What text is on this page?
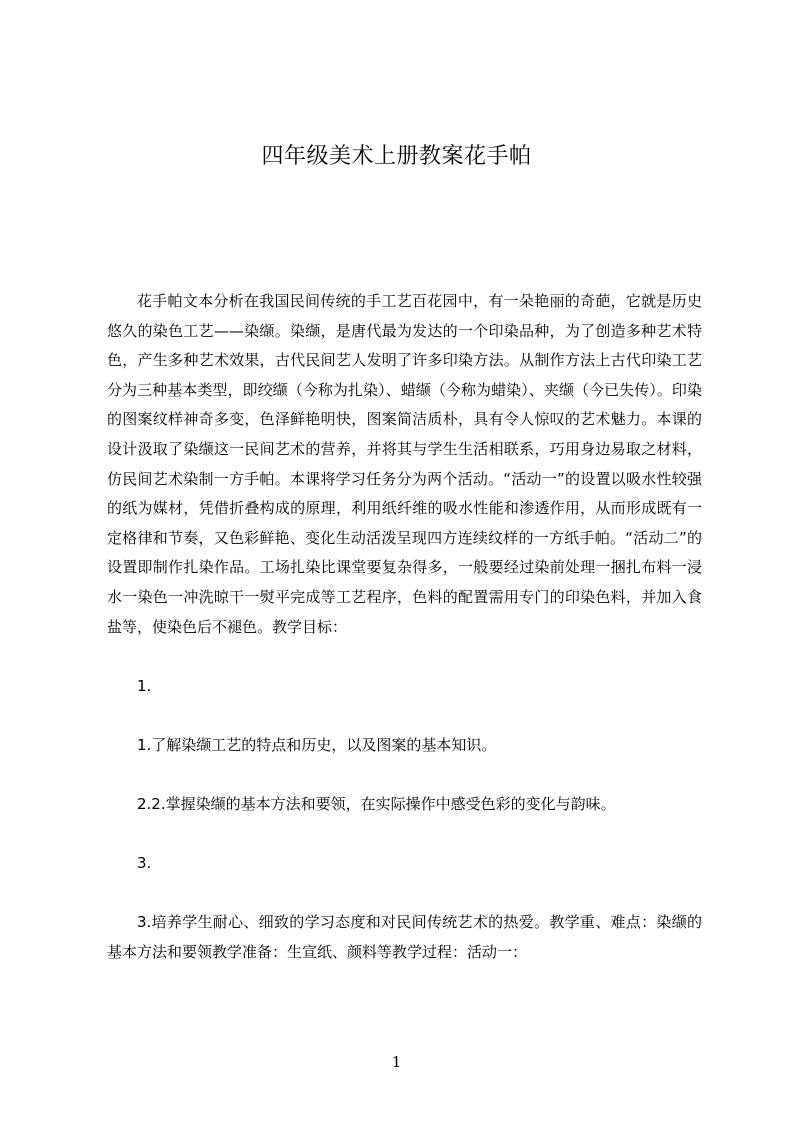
四年级美术上册教案花手帕

花手帕文本分析在我国民间传统的手工艺百花园中，有一朵艳丽的奇葩，它就是历史悠久的染色工艺——染缬。染缬，是唐代最为发达的一个印染品种，为了创造多种艺术特色，产生多种艺术效果，古代民间艺人发明了许多印染方法。从制作方法上古代印染工艺分为三种基本类型，即绞缬（今称为扎染）、蜡缬（今称为蜡染）、夹缬（今已失传）。印染的图案纹样神奇多变，色泽鲜艳明快，图案简洁质朴，具有令人惊叹的艺术魅力。本课的设计汲取了染缬这一民间艺术的营养，并将其与学生生活相联系，巧用身边易取之材料，仿民间艺术染制一方手帕。本课将学习任务分为两个活动。“活动一”的设置以吸水性较强的纸为媒材，凭借折叠构成的原理，利用纸纤维的吸水性能和渗透作用，从而形成既有一定格律和节奏，又色彩鲜艳、变化生动活泼呈现四方连续纹样的一方纸手帕。“活动二”的设置即制作扎染作品。工场扎染比课堂要复杂得多，一般要经过染前处理一捆扎布料一浸水一染色一冲洗晾干一熨平完成等工艺程序，色料的配置需用专门的印染色料，并加入食盐等，使染色后不褪色。教学目标：

1.

1.了解染缬工艺的特点和历史，以及图案的基本知识。

2.2.掌握染缬的基本方法和要领，在实际操作中感受色彩的变化与韵味。

3.

3.培养学生耐心、细致的学习态度和对民间传统艺术的热爱。教学重、难点：染缬的基本方法和要领教学准备：生宣纸、颜料等教学过程：活动一：

1
